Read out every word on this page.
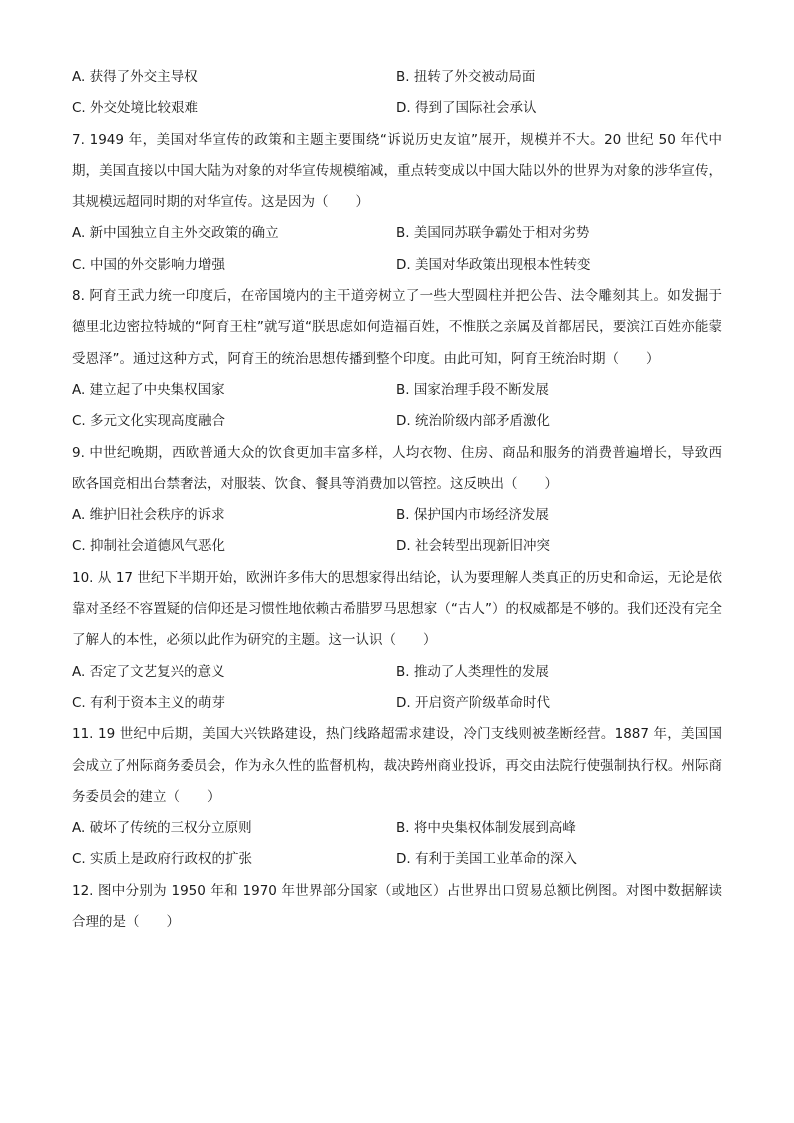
A. 获得了外交主导权	B. 扭转了外交被动局面
C. 外交处境比较艰难	D. 得到了国际社会承认

7. 1949 年，美国对华宣传的政策和主题主要围绕“诉说历史友谊”展开，规模并不大。20 世纪 50 年代中期，美国直接以中国大陆为对象的对华宣传规模缩减，重点转变成以中国大陆以外的世界为对象的涉华宣传，其规模远超同时期的对华宣传。这是因为（　　）

A. 新中国独立自主外交政策的确立	B. 美国同苏联争霸处于相对劣势
C. 中国的外交影响力增强	D. 美国对华政策出现根本性转变

8. 阿育王武力统一印度后，在帝国境内的主干道旁树立了一些大型圆柱并把公告、法令雕刻其上。如发掘于德里北边密拉特城的“阿育王柱”就写道“朕思虑如何造福百姓，不惟朕之亲属及首都居民，要滨江百姓亦能蒙受恩泽”。通过这种方式，阿育王的统治思想传播到整个印度。由此可知，阿育王统治时期（　　）

A. 建立起了中央集权国家	B. 国家治理手段不断发展
C. 多元文化实现高度融合	D. 统治阶级内部矛盾激化

9. 中世纪晚期，西欧普通大众的饮食更加丰富多样，人均衣物、住房、商品和服务的消费普遍增长，导致西欧各国竞相出台禁奢法，对服装、饮食、餐具等消费加以管控。这反映出（　　）

A. 维护旧社会秩序的诉求	B. 保护国内市场经济发展
C. 抑制社会道德风气恶化	D. 社会转型出现新旧冲突

10. 从 17 世纪下半期开始，欧洲许多伟大的思想家得出结论，认为要理解人类真正的历史和命运，无论是依靠对圣经不容置疑的信仰还是习惯性地依赖古希腊罗马思想家（“古人”）的权威都是不够的。我们还没有完全了解人的本性，必须以此作为研究的主题。这一认识（　　）

A. 否定了文艺复兴的意义	B. 推动了人类理性的发展
C. 有利于资本主义的萌芽	D. 开启资产阶级革命时代

11. 19 世纪中后期，美国大兴铁路建设，热门线路超需求建设，冷门支线则被垄断经营。1887 年，美国国会成立了州际商务委员会，作为永久性的监督机构，裁决跨州商业投诉，再交由法院行使强制执行权。州际商务委员会的建立（　　）

A. 破坏了传统的三权分立原则	B. 将中央集权体制发展到高峰
C. 实质上是政府行政权的扩张	D. 有利于美国工业革命的深入

12. 图中分别为 1950 年和 1970 年世界部分国家（或地区）占世界出口贸易总额比例图。对图中数据解读合理的是（　　）
